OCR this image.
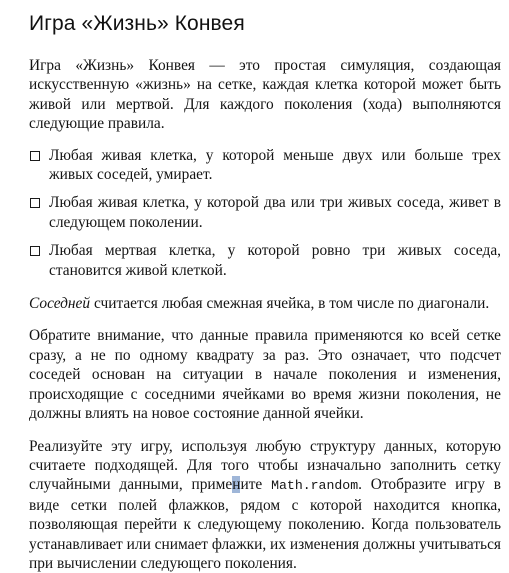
Игра «Жизнь» Конвея

Игра «Жизнь» Конвея — это простая симуляция, создающая искусственную «жизнь» на сетке, каждая клетка которой может быть живой или мертвой. Для каждого поколения (хода) выполняются следующие правила.

Любая живая клетка, у которой меньше двух или больше трех живых соседей, умирает.
Любая живая клетка, у которой два или три живых соседа, живет в следующем поколении.
Любая мертвая клетка, у которой ровно три живых соседа, становится живой клеткой.

Соседней считается любая смежная ячейка, в том числе по диагонали.

Обратите внимание, что данные правила применяются ко всей сетке сразу, а не по одному квадрату за раз. Это означает, что подсчет соседей основан на ситуации в начале поколения и изменения, происходящие с соседними ячейками во время жизни поколения, не должны влиять на новое состояние данной ячейки.

Реализуйте эту игру, используя любую структуру данных, которую считаете подходящей. Для того чтобы изначально заполнить сетку случайными данными, примените Math.random. Отобразите игру в виде сетки полей флажков, рядом с которой находится кнопка, позволяющая перейти к следующему поколению. Когда пользователь устанавливает или снимает флажки, их изменения должны учитываться при вычислении следующего поколения.
